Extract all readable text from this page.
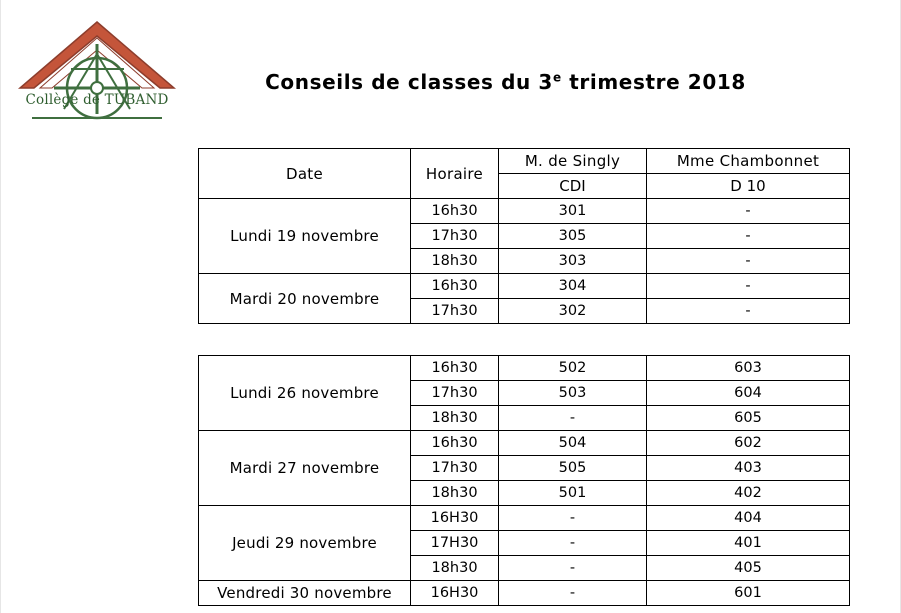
Collège de TUBAND
Conseils de classes du 3e trimestre 2018
Date	Horaire	M. de Singly	Mme Chambonnet
		CDI	D 10
Lundi 19 novembre	16h30	301	-
	17h30	305	-
	18h30	303	-
Mardi 20 novembre	16h30	304	-
	17h30	302	-
Lundi 26 novembre	16h30	502	603
	17h30	503	604
	18h30	-	605
Mardi 27 novembre	16h30	504	602
	17h30	505	403
	18h30	501	402
Jeudi 29 novembre	16H30	-	404
	17H30	-	401
	18h30	-	405
Vendredi 30 novembre	16H30	-	601
